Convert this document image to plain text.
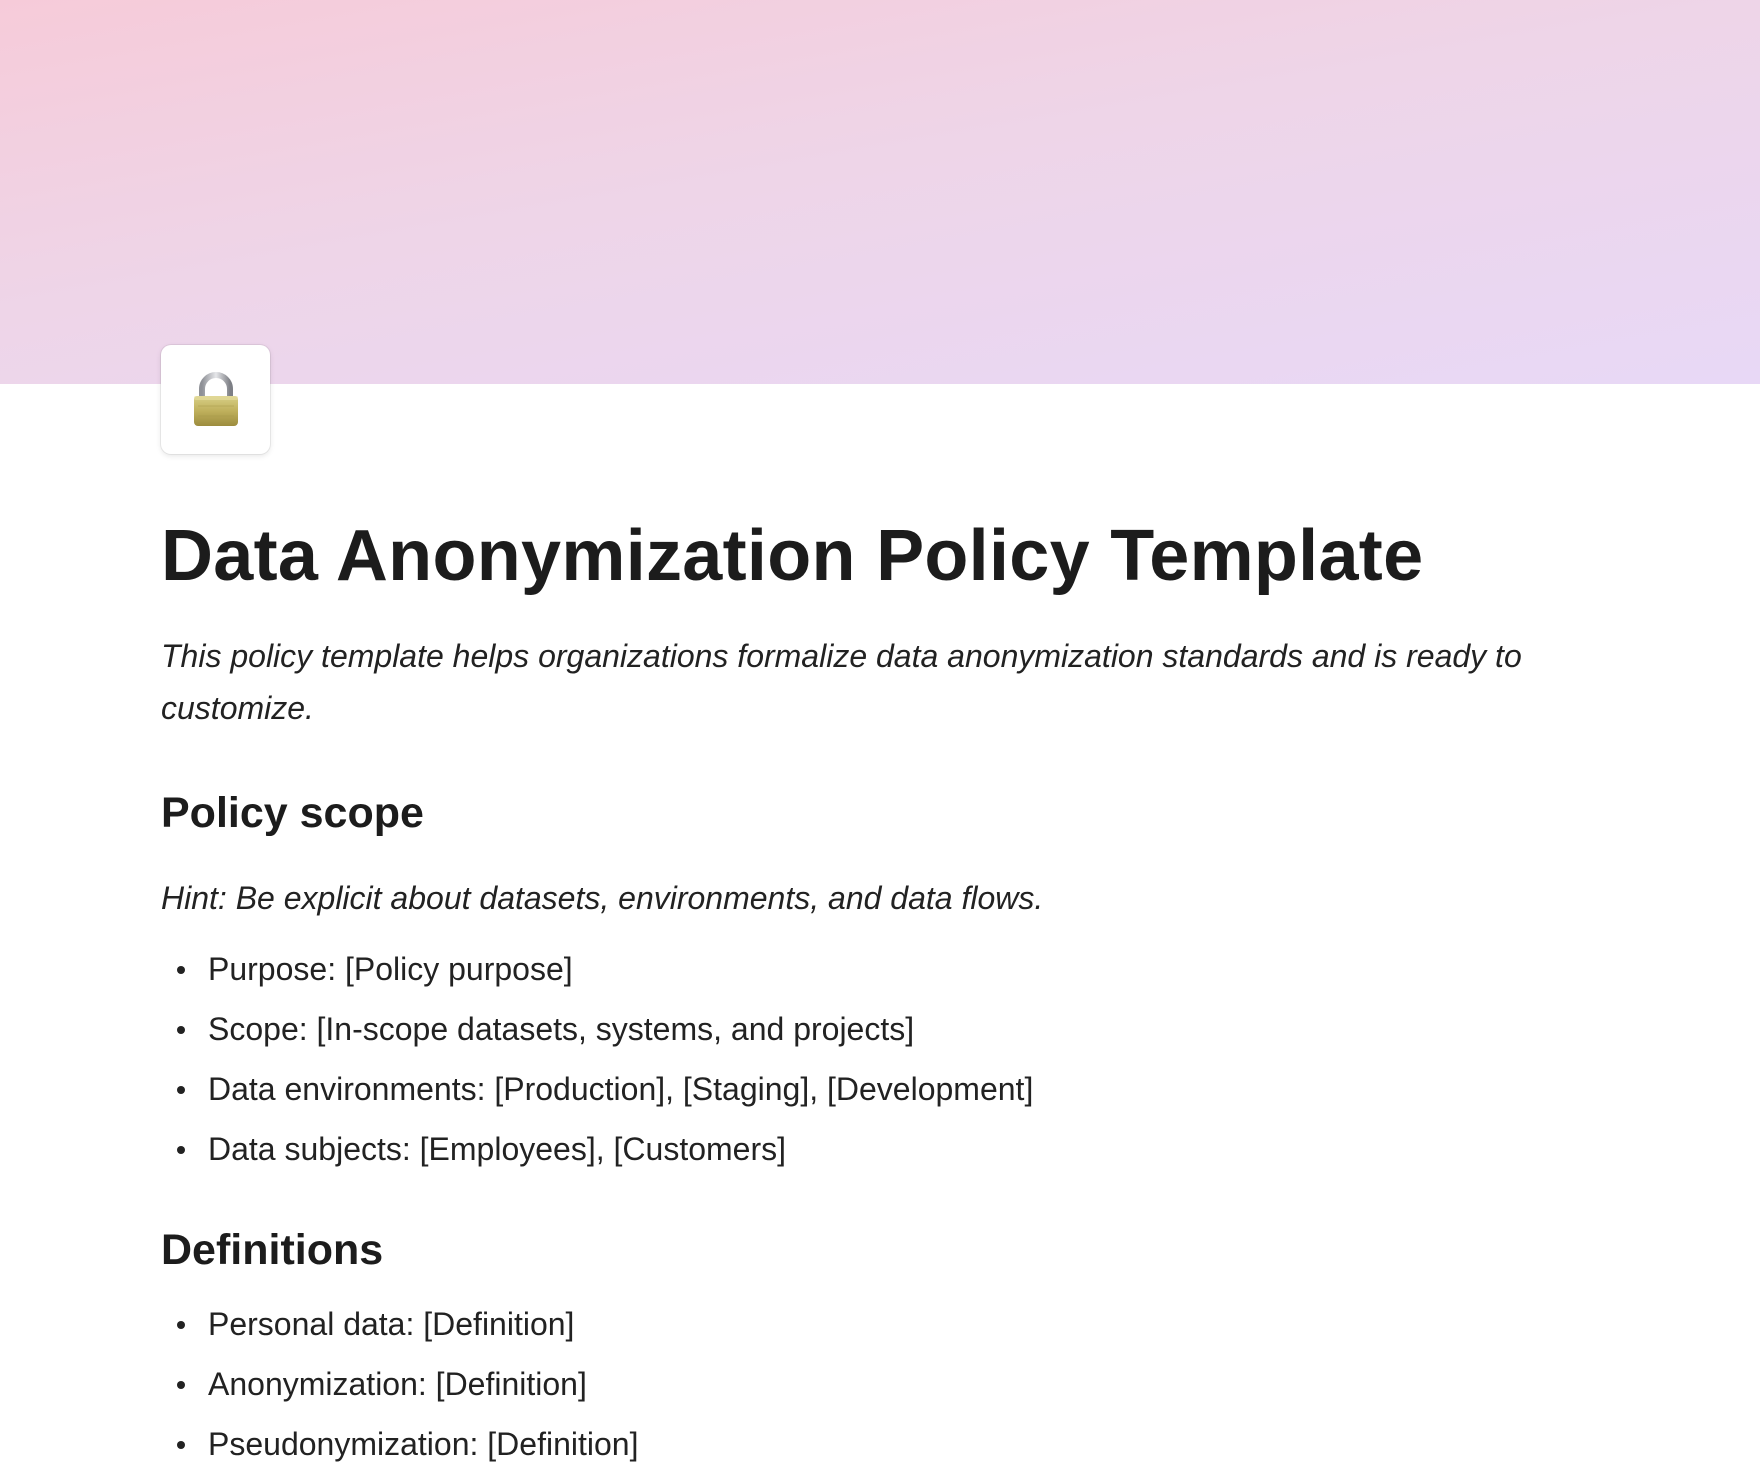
Data Anonymization Policy Template

This policy template helps organizations formalize data anonymization standards and is ready to customize.

Policy scope

Hint: Be explicit about datasets, environments, and data flows.

Purpose: [Policy purpose]
Scope: [In-scope datasets, systems, and projects]
Data environments: [Production], [Staging], [Development]
Data subjects: [Employees], [Customers]
Definitions
Personal data: [Definition]
Anonymization: [Definition]
Pseudonymization: [Definition]
